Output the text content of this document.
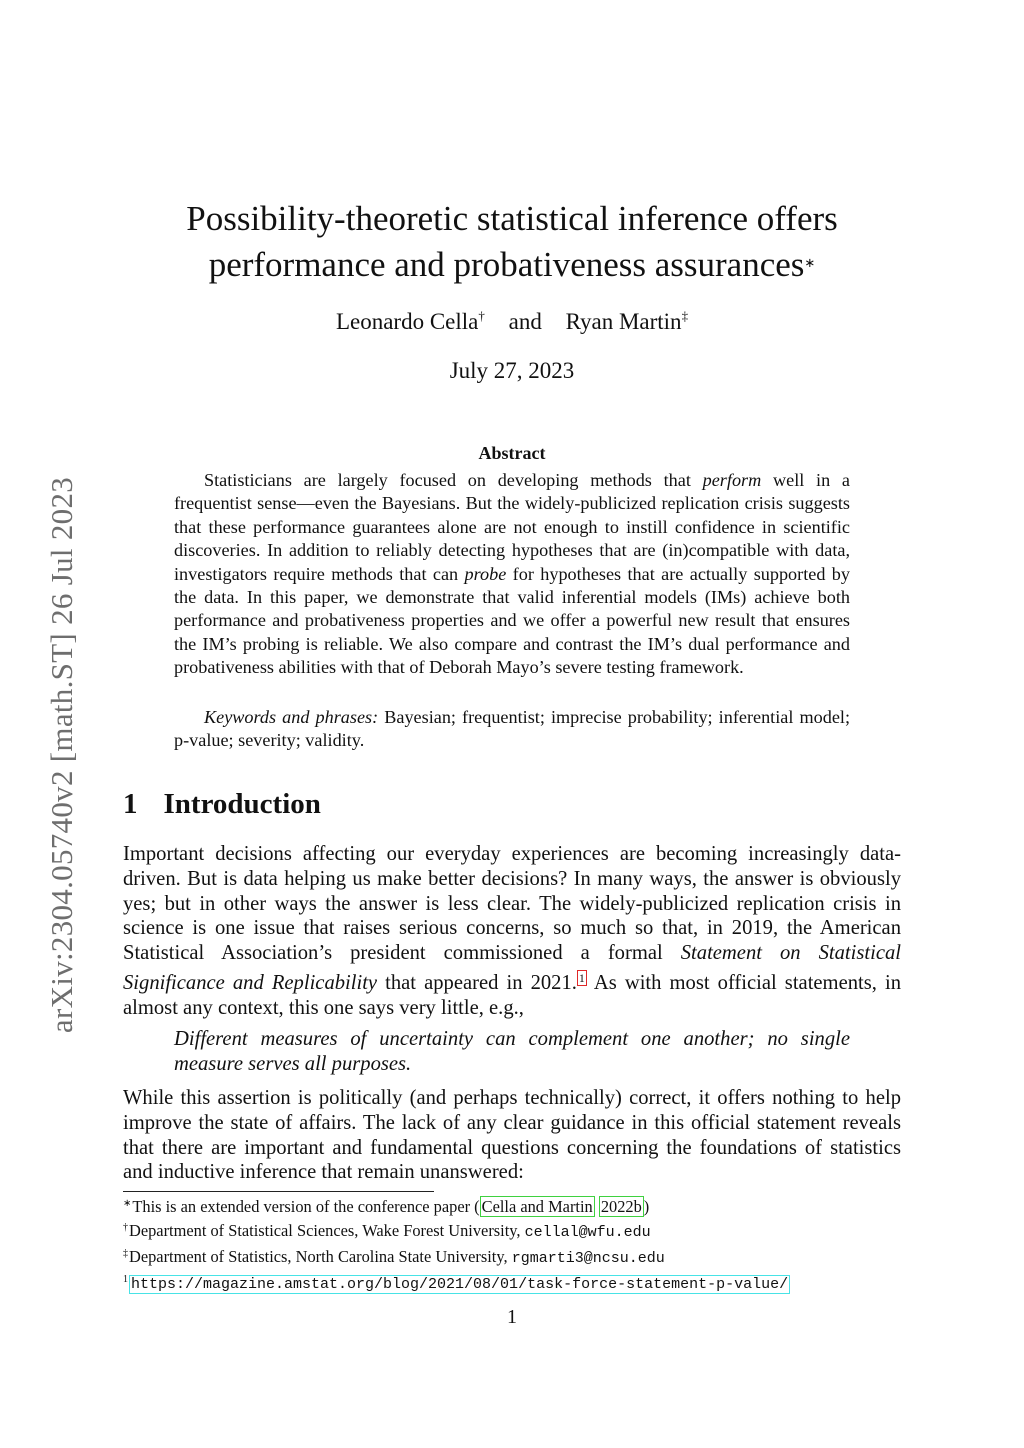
arXiv:2304.05740v2 [math.ST] 26 Jul 2023
Possibility-theoretic statistical inference offers
performance and probativeness assurances∗
Leonardo Cella† and Ryan Martin‡
July 27, 2023
Abstract

Statisticians are largely focused on developing methods that perform well in a frequentist sense—even the Bayesians. But the widely-publicized replication crisis suggests that these performance guarantees alone are not enough to instill confidence in scientific discoveries. In addition to reliably detecting hypotheses that are (in)compatible with data, investigators require methods that can probe for hypotheses that are actually supported by the data. In this paper, we demonstrate that valid inferential models (IMs) achieve both performance and probativeness properties and we offer a powerful new result that ensures the IM’s probing is reliable. We also compare and contrast the IM’s dual performance and probativeness abilities with that of Deborah Mayo’s severe testing framework.

Keywords and phrases: Bayesian; frequentist; imprecise probability; inferential model; p-value; severity; validity.
1 Introduction

Important decisions affecting our everyday experiences are becoming increasingly data-driven. But is data helping us make better decisions? In many ways, the answer is obviously yes; but in other ways the answer is less clear. The widely-publicized replication crisis in science is one issue that raises serious concerns, so much so that, in 2019, the American Statistical Association’s president commissioned a formal Statement on Statistical Significance and Replicability that appeared in 2021. $^1$ As with most official statements, in almost any context, this one says very little, e.g.,

Different measures of uncertainty can complement one another; no single measure serves all purposes.

While this assertion is politically (and perhaps technically) correct, it offers nothing to help improve the state of affairs. The lack of any clear guidance in this official statement reveals that there are important and fundamental questions concerning the foundations of statistics and inductive inference that remain unanswered:

∗This is an extended version of the conference paper ( Cella and Martin 2022b )
†Department of Statistical Sciences, Wake Forest University, cellal@wfu.edu
‡Department of Statistics, North Carolina State University, rgmarti3@ncsu.edu
$^1$ https://magazine.amstat.org/blog/2021/08/01/task-force-statement-p-value/
1
